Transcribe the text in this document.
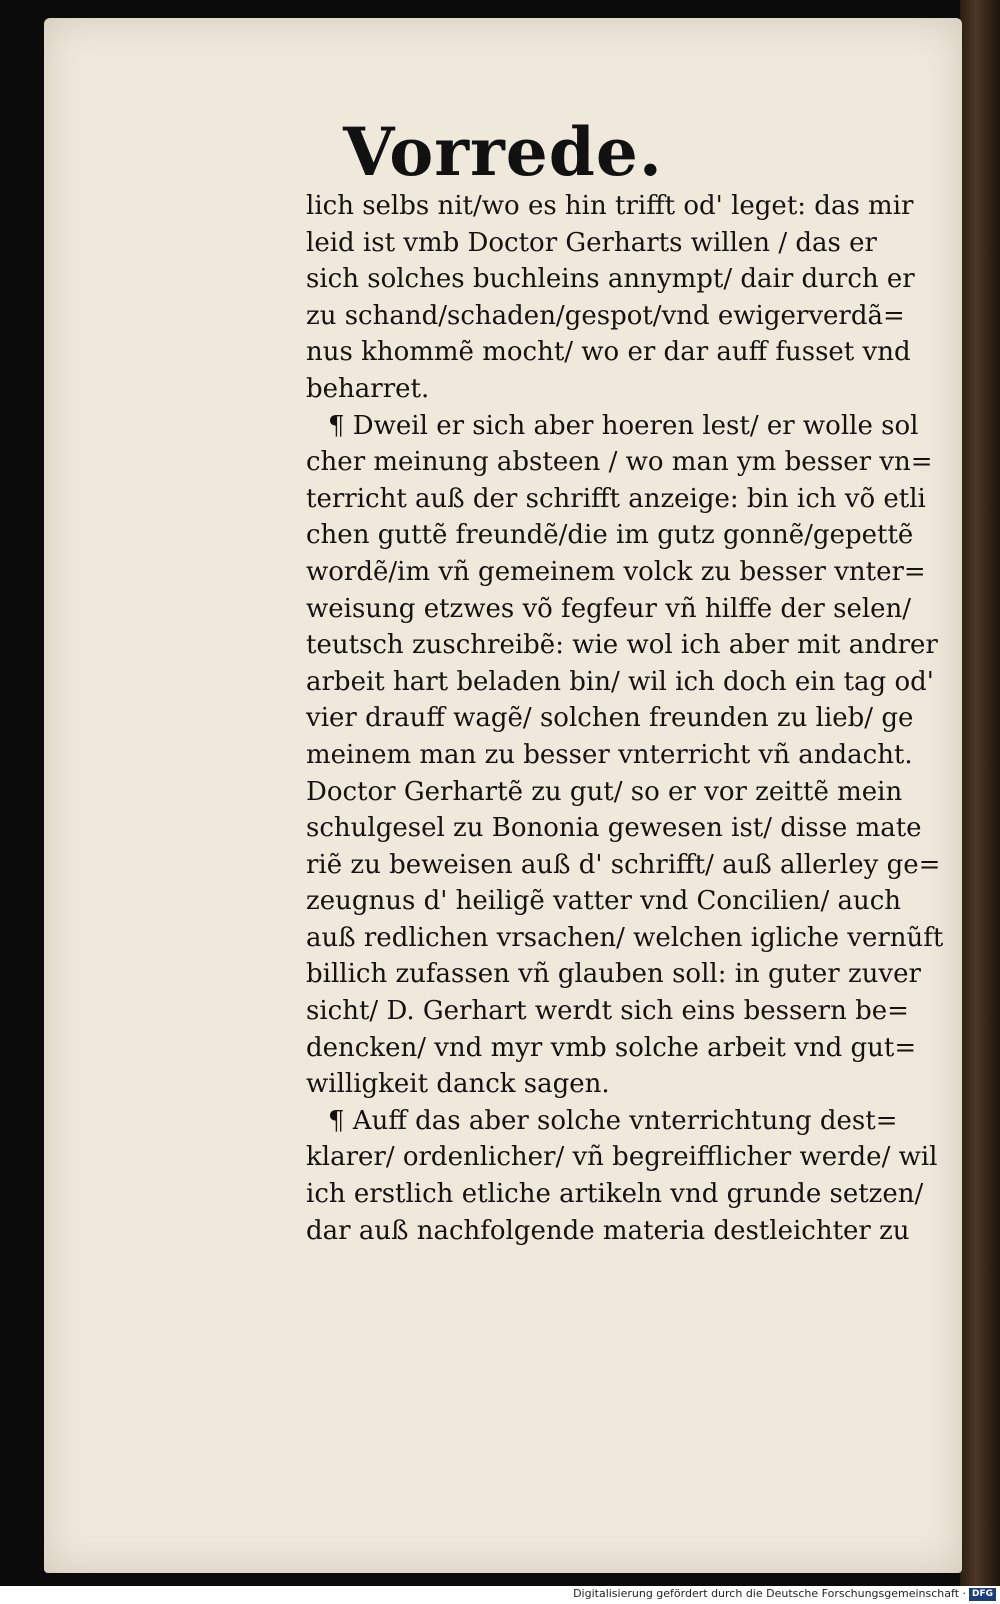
Vorrede.
lich selbs nit/wo es hin trifft od' leget: das mir
leid ist vmb Doctor Gerharts willen / das er
sich solches buchleins annympt/ dair durch er
zu schand/schaden/gespot/vnd ewigerverdã=
nus khommẽ mocht/ wo er dar auff fusset vnd
beharret.
¶ Dweil er sich aber hoeren lest/ er wolle sol
cher meinung absteen / wo man ym besser vn=
terricht auß der schrifft anzeige: bin ich võ etli
chen guttẽ freundẽ/die im gutz gonnẽ/gepettẽ
wordẽ/im vñ gemeinem volck zu besser vnter=
weisung etzwes võ fegfeur vñ hilffe der selen/
teutsch zuschreibẽ: wie wol ich aber mit andrer
arbeit hart beladen bin/ wil ich doch ein tag od'
vier drauff wagẽ/ solchen freunden zu lieb/ ge
meinem man zu besser vnterricht vñ andacht.
Doctor Gerhartẽ zu gut/ so er vor zeittẽ mein
schulgesel zu Bononia gewesen ist/ disse mate
riẽ zu beweisen auß d' schrifft/ auß allerley ge=
zeugnus d' heiligẽ vatter vnd Concilien/ auch
auß redlichen vrsachen/ welchen igliche vernũft
billich zufassen vñ glauben soll: in guter zuver
sicht/ D. Gerhart werdt sich eins bessern be=
dencken/ vnd myr vmb solche arbeit vnd gut=
willigkeit danck sagen.
¶ Auff das aber solche vnterrichtung dest=
klarer/ ordenlicher/ vñ begreifflicher werde/ wil
ich erstlich etliche artikeln vnd grunde setzen/
dar auß nachfolgende materia destleichter zu
Digitalisierung gefördert durch die Deutsche Forschungsgemeinschaft · DFG
